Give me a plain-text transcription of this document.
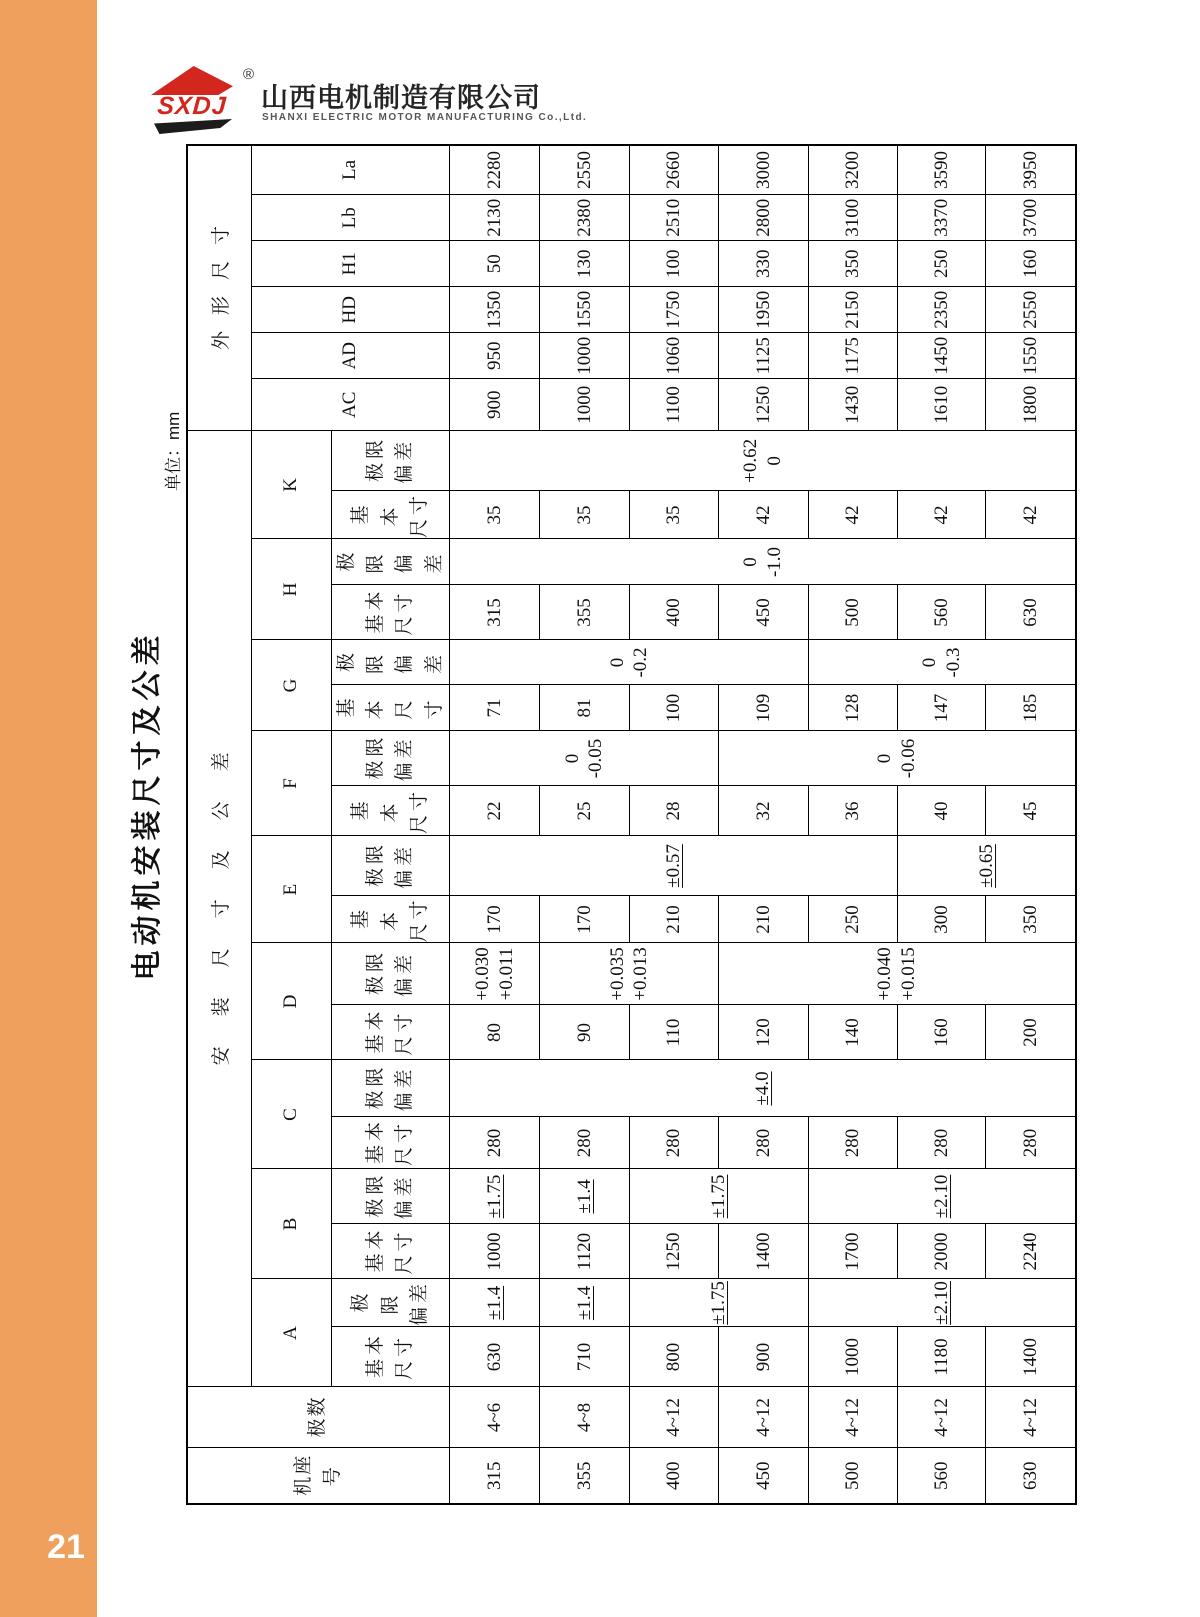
21
SXDJ
®
山西电机制造有限公司
SHANXI ELECTRIC MOTOR MANUFACTURING Co.,Ltd.
电动机安装尺寸及公差
单位：mm
机座 号	极数	安装尺寸及公差																		外形尺寸					
		A		B		C		D		E		F		G		H		K		AC	AD	HD	H1	Lb	La
		基本 尺寸	极限 偏差	基本 尺寸	极限 偏差	基本 尺寸	极限 偏差	基本 尺寸	极限 偏差	基本 尺寸	极限 偏差	基本 尺寸	极限 偏差	基本 尺寸	极限 偏差	基本 尺寸	极限 偏差	基本 尺寸	极限 偏差						
315	4~6	630	±1.4	1000	±1.75	280	±4.0	80	+0.030 +0.011	170	±0.57	22	0 -0.05	71	0 -0.2	315	0 -1.0	35	+0.62 0	900	950	1350	50	2130	2280
355	4~8	710	±1.4	1120	±1.4	280		90	+0.035 +0.013	170		25		81		355		35		1000	1000	1550	130	2380	2550
400	4~12	800	±1.75	1250	±1.75	280		110		210		28		100		400		35		1100	1060	1750	100	2510	2660
450	4~12	900		1400		280		120	+0.040 +0.015	210		32	0 -0.06	109		450		42		1250	1125	1950	330	2800	3000
500	4~12	1000	±2.10	1700	±2.10	280		140		250		36		128	0 -0.3	500		42		1430	1175	2150	350	3100	3200
560	4~12	1180		2000		280		160		300	±0.65	40		147		560		42		1610	1450	2350	250	3370	3590
630	4~12	1400		2240		280		200		350		45		185		630		42		1800	1550	2550	160	3700	3950
